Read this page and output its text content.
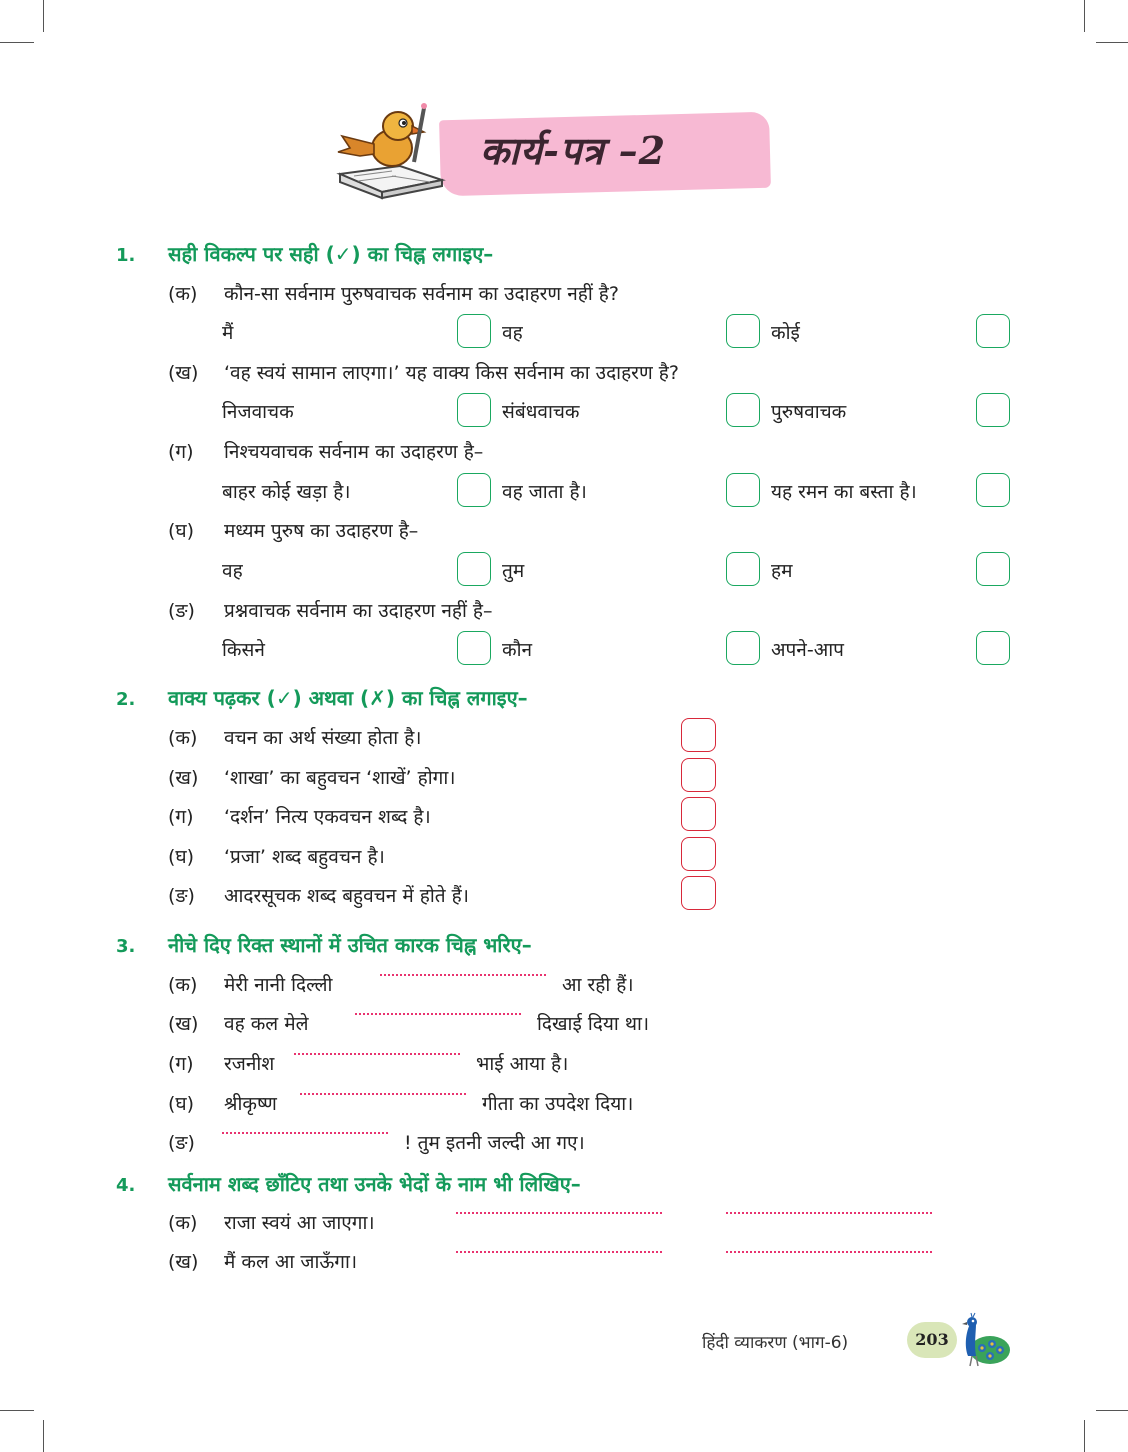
कार्य-पत्र –2
1. सही विकल्प पर सही (✓) का चिह्न लगाइए–
(क) कौन-सा सर्वनाम पुरुषवाचक सर्वनाम का उदाहरण नहीं है?
मैं	वह	कोई
(ख) ‘वह स्वयं सामान लाएगा।’ यह वाक्य किस सर्वनाम का उदाहरण है?
निजवाचक	संबंधवाचक	पुरुषवाचक
(ग) निश्चयवाचक सर्वनाम का उदाहरण है–
बाहर कोई खड़ा है।	वह जाता है।	यह रमन का बस्ता है।
(घ) मध्यम पुरुष का उदाहरण है–
वह	तुम	हम
(ङ) प्रश्नवाचक सर्वनाम का उदाहरण नहीं है–
किसने	कौन	अपने-आप
2. वाक्य पढ़कर (✓) अथवा (✗) का चिह्न लगाइए–
(क) वचन का अर्थ संख्या होता है।
(ख) ‘शाखा’ का बहुवचन ‘शाखें’ होगा।
(ग) ‘दर्शन’ नित्य एकवचन शब्द है।
(घ) ‘प्रजा’ शब्द बहुवचन है।
(ङ) आदरसूचक शब्द बहुवचन में होते हैं।
3. नीचे दिए रिक्त स्थानों में उचित कारक चिह्न भरिए–
(क) मेरी नानी दिल्ली	आ रही हैं।
(ख) वह कल मेले	दिखाई दिया था।
(ग) रजनीश	भाई आया है।
(घ) श्रीकृष्ण	गीता का उपदेश दिया।
(ङ)	! तुम इतनी जल्दी आ गए।
4. सर्वनाम शब्द छाँटिए तथा उनके भेदों के नाम भी लिखिए–
(क) राजा स्वयं आ जाएगा।
(ख) मैं कल आ जाऊँगा।
हिंदी व्याकरण (भाग-6)	203
